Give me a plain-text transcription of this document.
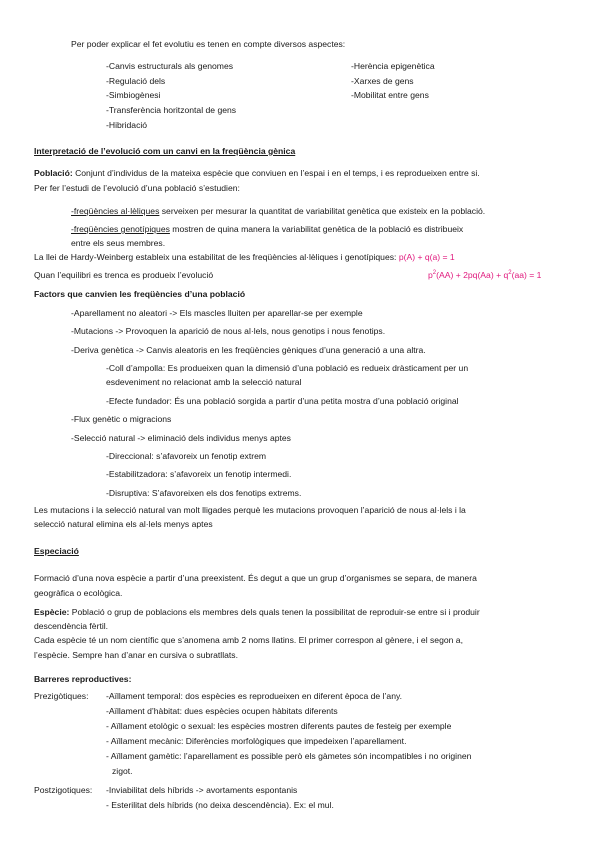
Per poder explicar el fet evolutiu es tenen en compte diversos aspectes:
-Canvis estructurals als genomes
-Regulació dels
-Simbiogènesi
-Transferència horitzontal de gens
-Hibridació
-Herència epigenètica
-Xarxes de gens
-Mobilitat entre gens
Interpretació de l’evolució com un canvi en la freqüència gènica
Població: Conjunt d’individus de la mateixa espècie que conviuen en l’espai i en el temps, i es reprodueixen entre si.
Per fer l’estudi de l’evolució d’una població s’estudien:
-freqüències al·lèliques serveixen per mesurar la quantitat de variabilitat genètica que existeix en la població.
-freqüències genotípiques mostren de quina manera la variabilitat genètica de la població es distribueix
entre els seus membres.
La llei de Hardy-Weinberg estableix una estabilitat de les freqüències al·lèliques i genotípiques: p(A) + q(a) = 1
Quan l’equilibri es trenca es produeix l’evolució	$p^2(AA) + 2pq(Aa) + q^2(aa) = 1$
Factors que canvien les freqüències d’una població
-Aparellament no aleatori -> Els mascles lluiten per aparellar-se per exemple
-Mutacions -> Provoquen la aparició de nous al·lels, nous genotips i nous fenotips.
-Deriva genètica -> Canvis aleatoris en les freqüències gèniques d’una generació a una altra.
-Coll d’ampolla: Es produeixen quan la dimensió d’una població es redueix dràsticament per un
esdeveniment no relacionat amb la selecció natural
-Efecte fundador: És una població sorgida a partir d’una petita mostra d’una població original
-Flux genètic o migracions
-Selecció natural -> eliminació dels individus menys aptes
-Direccional: s’afavoreix un fenotip extrem
-Estabilitzadora: s’afavoreix un fenotip intermedi.
-Disruptiva: S’afavoreixen els dos fenotips extrems.
Les mutacions i la selecció natural van molt lligades perquè les mutacions provoquen l’aparició de nous al·lels i la
selecció natural elimina els al·lels menys aptes
Especiació
Formació d’una nova espècie a partir d’una preexistent. És degut a que un grup d’organismes se separa, de manera
geogràfica o ecològica.
Espècie: Població o grup de poblacions els membres dels quals tenen la possibilitat de reproduir-se entre si i produir
descendència fèrtil.
Cada espècie té un nom científic que s’anomena amb 2 noms llatins. El primer correspon al gènere, i el segon a,
l’espècie. Sempre han d’anar en cursiva o subratllats.
Barreres reproductives:
Prezigòtiques: -Aïllament temporal: dos espècies es reprodueixen en diferent època de l’any.
-Aïllament d’hàbitat: dues espècies ocupen hàbitats diferents
- Aïllament etològic o sexual: les espècies mostren diferents pautes de festeig per exemple
- Aïllament mecànic: Diferències morfològiques que impedeixen l’aparellament.
- Aïllament gamètic: l’aparellament es possible però els gàmetes són incompatibles i no originen
zigot.
Postzigotiques: -Inviabilitat dels híbrids -> avortaments espontanis
- Esterilitat dels híbrids (no deixa descendència). Ex: el mul.
